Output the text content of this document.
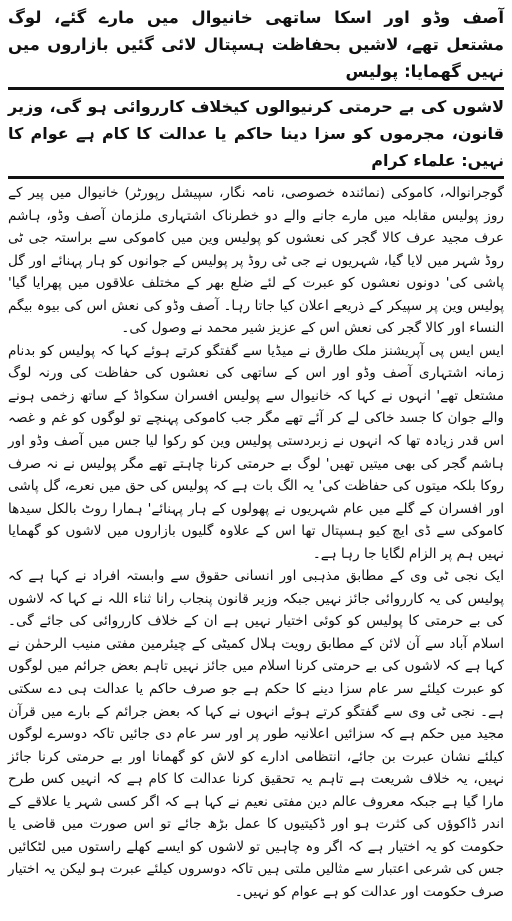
آصف وڈو اور اسکا ساتھی خانیوال میں مارے گئے، لوگ مشتعل تھے، لاشیں بحفاظت ہسپتال لائی گئیں بازاروں میں نہیں گھمایا: پولیس
لاشوں کی بے حرمتی کرنیوالوں کیخلاف کارروائی ہو گی، وزیر قانون، مجرموں کو سزا دینا حاکم یا عدالت کا کام ہے عوام کا نہیں: علماء کرام

گوجرانوالہ، کاموکی (نمائندہ خصوصی، نامہ نگار، سپیشل رپورٹر) خانیوال میں پیر کے روز پولیس مقابلہ میں مارے جانے والے دو خطرناک اشتہاری ملزمان آصف وڈو، ہاشم عرف مجید عرف کالا گجر کی نعشوں کو پولیس وین میں کاموکی سے براستہ جی ٹی روڈ شہر میں لایا گیا، شہریوں نے جی ٹی روڈ پر پولیس کے جوانوں کو ہار پہنائے اور گل پاشی کی' دونوں نعشوں کو عبرت کے لئے ضلع بھر کے مختلف علاقوں میں پھرایا گیا' پولیس وین پر سپیکر کے ذریعے اعلان کیا جاتا رہا۔ آصف وڈو کی نعش اس کی بیوہ بیگم النساء اور کالا گجر کی نعش اس کے عزیز شیر محمد نے وصول کی۔

ایس ایس پی آپریشنز ملک طارق نے میڈیا سے گفتگو کرتے ہوئے کہا کہ پولیس کو بدنام زمانہ اشتہاری آصف وڈو اور اس کے ساتھی کی نعشوں کی حفاظت کی ورنہ لوگ مشتعل تھے' انہوں نے کہا کہ خانیوال سے پولیس افسران سکواڈ کے ساتھ زخمی ہونے والے جوان کا جسد خاکی لے کر آئے تھے مگر جب کاموکی پہنچے تو لوگوں کو غم و غصہ اس قدر زیادہ تھا کہ انہوں نے زبردستی پولیس وین کو رکوا لیا جس میں آصف وڈو اور ہاشم گجر کی بھی میتیں تھیں' لوگ بے حرمتی کرنا چاہتے تھے مگر پولیس نے نہ صرف روکا بلکہ میتوں کی حفاظت کی' یہ الگ بات ہے کہ پولیس کی حق میں نعرے، گل پاشی اور افسران کے گلے میں عام شہریوں نے پھولوں کے ہار پہنائے' ہمارا روٹ بالکل سیدھا کاموکی سے ڈی ایچ کیو ہسپتال تھا اس کے علاوہ گلیوں بازاروں میں لاشوں کو گھمایا نہیں ہم پر الزام لگایا جا رہا ہے۔

ایک نجی ٹی وی کے مطابق مذہبی اور انسانی حقوق سے وابستہ افراد نے کہا ہے کہ پولیس کی یہ کارروائی جائز نہیں جبکہ وزیر قانون پنجاب رانا ثناء اللہ نے کہا کہ لاشوں کی بے حرمتی کا پولیس کو کوئی اختیار نہیں ہے ان کے خلاف کارروائی کی جائے گی۔ اسلام آباد سے آن لائن کے مطابق رویت ہلال کمیٹی کے چیئرمین مفتی منیب الرحمٰن نے کہا ہے کہ لاشوں کی بے حرمتی کرنا اسلام میں جائز نہیں تاہم بعض جرائم میں لوگوں کو عبرت کیلئے سر عام سزا دینے کا حکم ہے جو صرف حاکم یا عدالت ہی دے سکتی ہے۔ نجی ٹی وی سے گفتگو کرتے ہوئے انہوں نے کہا کہ بعض جرائم کے بارے میں قرآن مجید میں حکم ہے کہ سزائیں اعلانیہ طور پر اور سر عام دی جائیں تاکہ دوسرے لوگوں کیلئے نشان عبرت بن جائے، انتظامی ادارے کو لاش کو گھمانا اور بے حرمتی کرنا جائز نہیں، یہ خلاف شریعت ہے تاہم یہ تحقیق کرنا عدالت کا کام ہے کہ انہیں کس طرح مارا گیا ہے جبکہ معروف عالم دین مفتی نعیم نے کہا ہے کہ اگر کسی شہر یا علاقے کے اندر ڈاکوؤں کی کثرت ہو اور ڈکیتیوں کا عمل بڑھ جائے تو اس صورت میں قاضی یا حکومت کو یہ اختیار ہے کہ اگر وہ چاہیں تو لاشوں کو ایسے کھلے راستوں میں لٹکائیں جس کی شرعی اعتبار سے مثالیں ملتی ہیں تاکہ دوسروں کیلئے عبرت ہو لیکن یہ اختیار صرف حکومت اور عدالت کو ہے عوام کو نہیں۔
